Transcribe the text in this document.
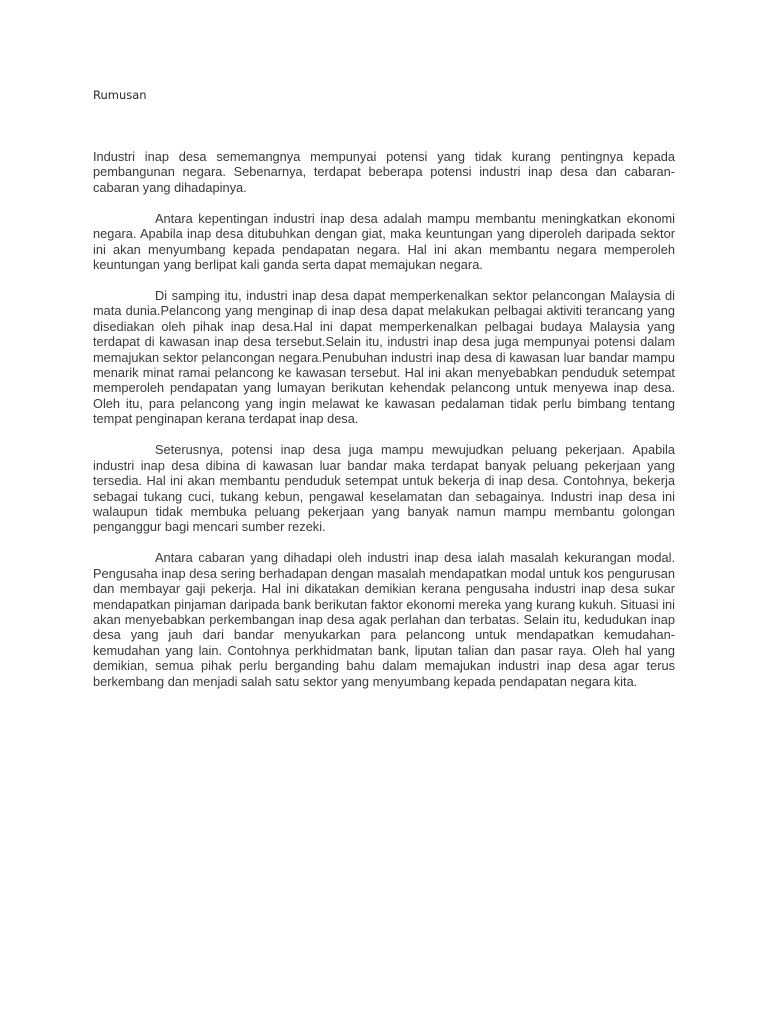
Rumusan

Industri inap desa sememangnya mempunyai potensi yang tidak kurang pentingnya kepada pembangunan negara. Sebenarnya, terdapat beberapa potensi industri inap desa dan cabaran-cabaran yang dihadapinya.

Antara kepentingan industri inap desa adalah mampu membantu meningkatkan ekonomi negara. Apabila inap desa ditubuhkan dengan giat, maka keuntungan yang diperoleh daripada sektor ini akan menyumbang kepada pendapatan negara. Hal ini akan membantu negara memperoleh keuntungan yang berlipat kali ganda serta dapat memajukan negara.

Di samping itu, industri inap desa dapat memperkenalkan sektor pelancongan Malaysia di mata dunia.Pelancong yang menginap di inap desa dapat melakukan pelbagai aktiviti terancang yang disediakan oleh pihak inap desa.Hal ini dapat memperkenalkan pelbagai budaya Malaysia yang terdapat di kawasan inap desa tersebut.Selain itu, industri inap desa juga mempunyai potensi dalam memajukan sektor pelancongan negara.Penubuhan industri inap desa di kawasan luar bandar mampu menarik minat ramai pelancong ke kawasan tersebut. Hal ini akan menyebabkan penduduk setempat memperoleh pendapatan yang lumayan berikutan kehendak pelancong untuk menyewa inap desa. Oleh itu, para pelancong yang ingin melawat ke kawasan pedalaman tidak perlu bimbang tentang tempat penginapan kerana terdapat inap desa.

Seterusnya, potensi inap desa juga mampu mewujudkan peluang pekerjaan. Apabila industri inap desa dibina di kawasan luar bandar maka terdapat banyak peluang pekerjaan yang tersedia. Hal ini akan membantu penduduk setempat untuk bekerja di inap desa. Contohnya, bekerja sebagai tukang cuci, tukang kebun, pengawal keselamatan dan sebagainya. Industri inap desa ini walaupun tidak membuka peluang pekerjaan yang banyak namun mampu membantu golongan penganggur bagi mencari sumber rezeki.

Antara cabaran yang dihadapi oleh industri inap desa ialah masalah kekurangan modal. Pengusaha inap desa sering berhadapan dengan masalah mendapatkan modal untuk kos pengurusan dan membayar gaji pekerja. Hal ini dikatakan demikian kerana pengusaha industri inap desa sukar mendapatkan pinjaman daripada bank berikutan faktor ekonomi mereka yang kurang kukuh. Situasi ini akan menyebabkan perkembangan inap desa agak perlahan dan terbatas. Selain itu, kedudukan inap desa yang jauh dari bandar menyukarkan para pelancong untuk mendapatkan kemudahan-kemudahan yang lain. Contohnya perkhidmatan bank, liputan talian dan pasar raya. Oleh hal yang demikian, semua pihak perlu berganding bahu dalam memajukan industri inap desa agar terus berkembang dan menjadi salah satu sektor yang menyumbang kepada pendapatan negara kita.
